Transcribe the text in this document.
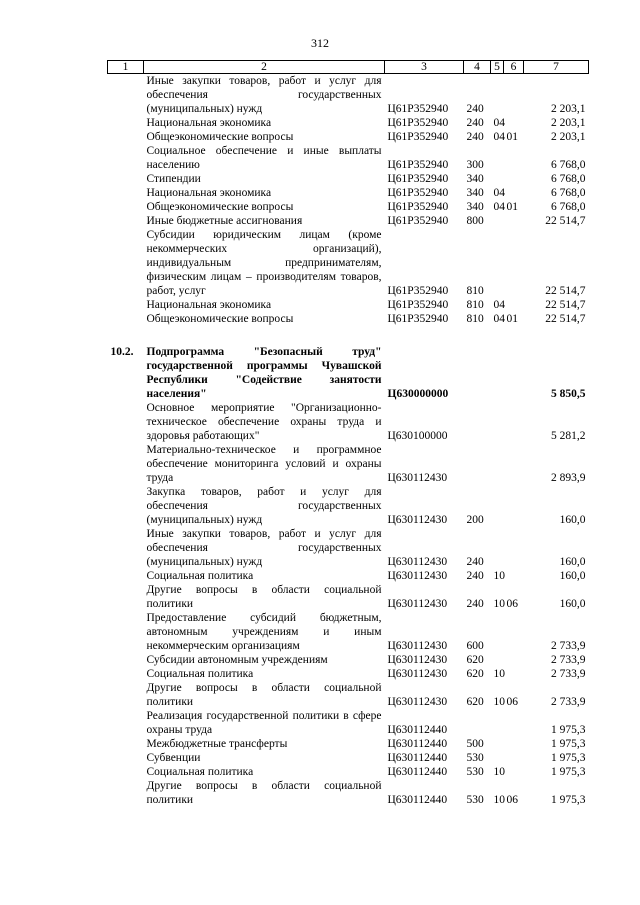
312
1	2	3	4	5	6	7
	Иные закупки товаров, работ и услуг для обеспечения государственных (муниципальных) нужд	Ц61Р352940	240			2 203,1
	Национальная экономика	Ц61Р352940	240	04		2 203,1
	Общеэкономические вопросы	Ц61Р352940	240	04	01	2 203,1
	Социальное обеспечение и иные выплаты населению	Ц61Р352940	300			6 768,0
	Стипендии	Ц61Р352940	340			6 768,0
	Национальная экономика	Ц61Р352940	340	04		6 768,0
	Общеэкономические вопросы	Ц61Р352940	340	04	01	6 768,0
	Иные бюджетные ассигнования	Ц61Р352940	800			22 514,7
	Субсидии юридическим лицам (кроме некоммерческих организаций), индивидуальным предпринимателям, физическим лицам – производителям товаров, работ, услуг	Ц61Р352940	810			22 514,7
	Национальная экономика	Ц61Р352940	810	04		22 514,7
	Общеэкономические вопросы	Ц61Р352940	810	04	01	22 514,7

10.2.	Подпрограмма "Безопасный труд" государственной программы Чувашской Республики "Содействие занятости населения"	Ц630000000				5 850,5
	Основное мероприятие "Организационно-техническое обеспечение охраны труда и здоровья работающих"	Ц630100000				5 281,2
	Материально-техническое и программное обеспечение мониторинга условий и охраны труда	Ц630112430				2 893,9
	Закупка товаров, работ и услуг для обеспечения государственных (муниципальных) нужд	Ц630112430	200			160,0
	Иные закупки товаров, работ и услуг для обеспечения государственных (муниципальных) нужд	Ц630112430	240			160,0
	Социальная политика	Ц630112430	240	10		160,0
	Другие вопросы в области социальной политики	Ц630112430	240	10	06	160,0
	Предоставление субсидий бюджетным, автономным учреждениям и иным некоммерческим организациям	Ц630112430	600			2 733,9
	Субсидии автономным учреждениям	Ц630112430	620			2 733,9
	Социальная политика	Ц630112430	620	10		2 733,9
	Другие вопросы в области социальной политики	Ц630112430	620	10	06	2 733,9
	Реализация государственной политики в сфере охраны труда	Ц630112440				1 975,3
	Межбюджетные трансферты	Ц630112440	500			1 975,3
	Субвенции	Ц630112440	530			1 975,3
	Социальная политика	Ц630112440	530	10		1 975,3
	Другие вопросы в области социальной политики	Ц630112440	530	10	06	1 975,3
